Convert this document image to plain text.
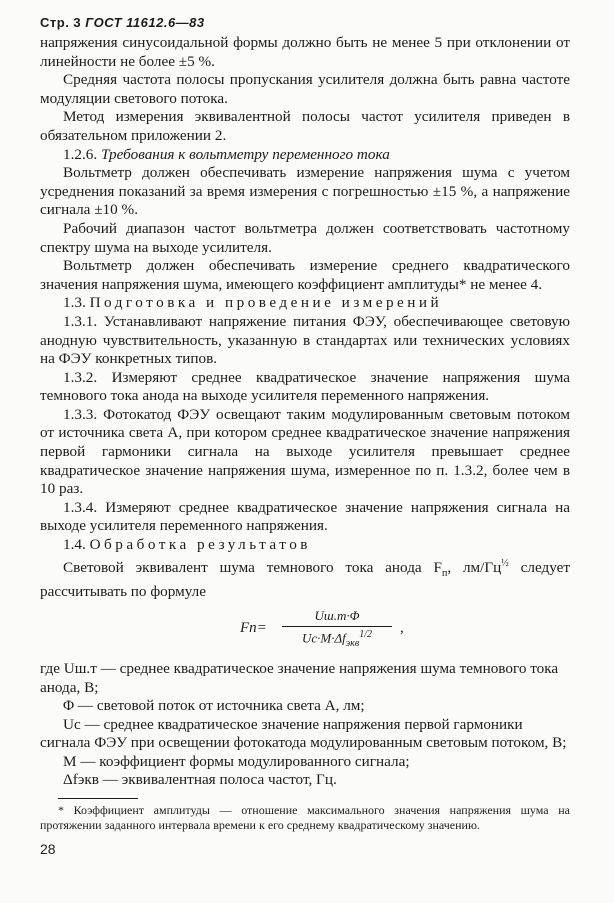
Стр. 3 ГОСТ 11612.6—83

напряжения синусоидальной формы должно быть не менее 5 при отклонении от линейности не более ±5 %.

Средняя частота полосы пропускания усилителя должна быть равна частоте модуляции светового потока.

Метод измерения эквивалентной полосы частот усилителя приведен в обязательном приложении 2.

1.2.6. Требования к вольтметру переменного тока

Вольтметр должен обеспечивать измерение напряжения шума с учетом усреднения показаний за время измерения с погрешностью ±15 %, а напряжение сигнала ±10 %.

Рабочий диапазон частот вольтметра должен соответствовать частотному спектру шума на выходе усилителя.

Вольтметр должен обеспечивать измерение среднего квадратического значения напряжения шума, имеющего коэффициент амплитуды* не менее 4.

1.3. Подготовка и проведение измерений

1.3.1. Устанавливают напряжение питания ФЭУ, обеспечивающее световую анодную чувствительность, указанную в стандартах или технических условиях на ФЭУ конкретных типов.

1.3.2. Измеряют среднее квадратическое значение напряжения шума темнового тока анода на выходе усилителя переменного напряжения.

1.3.3. Фотокатод ФЭУ освещают таким модулированным световым потоком от источника света A, при котором среднее квадратическое значение напряжения первой гармоники сигнала на выходе усилителя превышает среднее квадратическое значение напряжения шума, измеренное по п. 1.3.2, более чем в 10 раз.

1.3.4. Измеряют среднее квадратическое значение напряжения сигнала на выходе усилителя переменного напряжения.

1.4. Обработка результатов

Световой эквивалент шума темнового тока анода $F_п$, $лм/Гц^{\frac{1}{2}}$ следует рассчитывать по формуле

Fп=
Uш.т·Φ
$Uс\cdot M\cdot\Delta f_{экв}^{1/2}$	,

где Uш.т — среднее квадратическое значение напряжения шума темнового тока анода, В;

Φ — световой поток от источника света A, лм;

Uс — среднее квадратическое значение напряжения первой гармоники сигнала ФЭУ при освещении фотокатода модулированным световым потоком, В;

M — коэффициент формы модулированного сигнала;

Δfэкв — эквивалентная полоса частот, Гц.

* Коэффициент амплитуды — отношение максимального значения напряжения шума на протяжении заданного интервала времени к его среднему квадратическому значению.

28
